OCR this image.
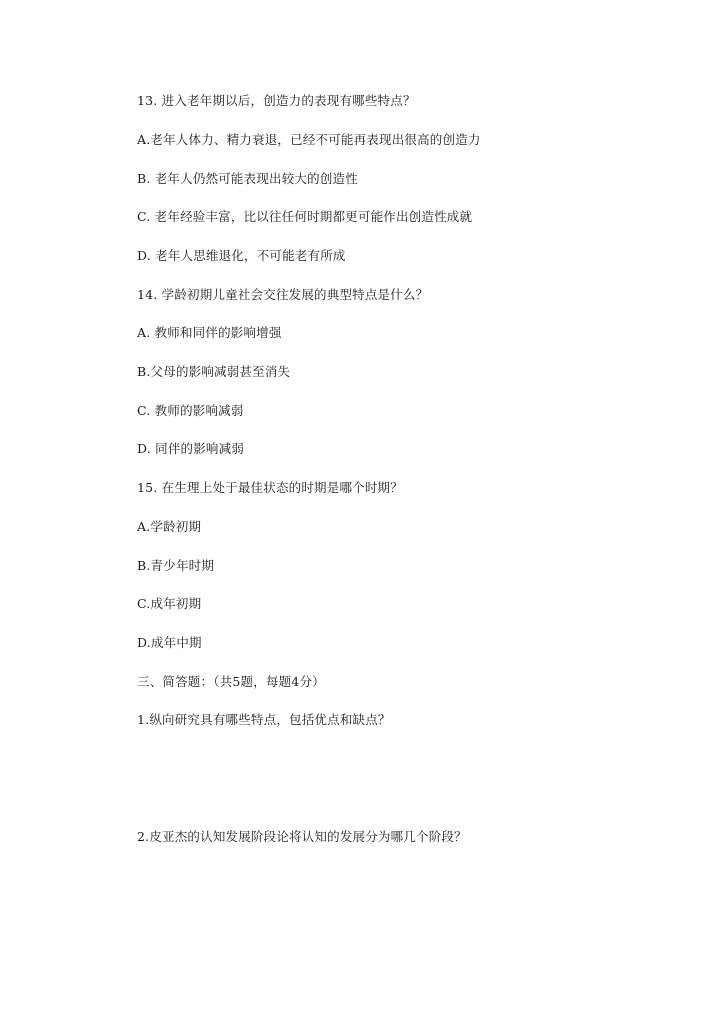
13. 进入老年期以后，创造力的表现有哪些特点？
A.老年人体力、精力衰退，已经不可能再表现出很高的创造力
B. 老年人仍然可能表现出较大的创造性
C. 老年经验丰富，比以往任何时期都更可能作出创造性成就
D. 老年人思维退化，不可能老有所成
14. 学龄初期儿童社会交往发展的典型特点是什么？
A. 教师和同伴的影响增强
B.父母的影响减弱甚至消失
C. 教师的影响减弱
D. 同伴的影响减弱
15. 在生理上处于最佳状态的时期是哪个时期？
A.学龄初期
B.青少年时期
C.成年初期
D.成年中期
三、简答题：（共5题，每题4分）
1.纵向研究具有哪些特点，包括优点和缺点？
2.皮亚杰的认知发展阶段论将认知的发展分为哪几个阶段？
